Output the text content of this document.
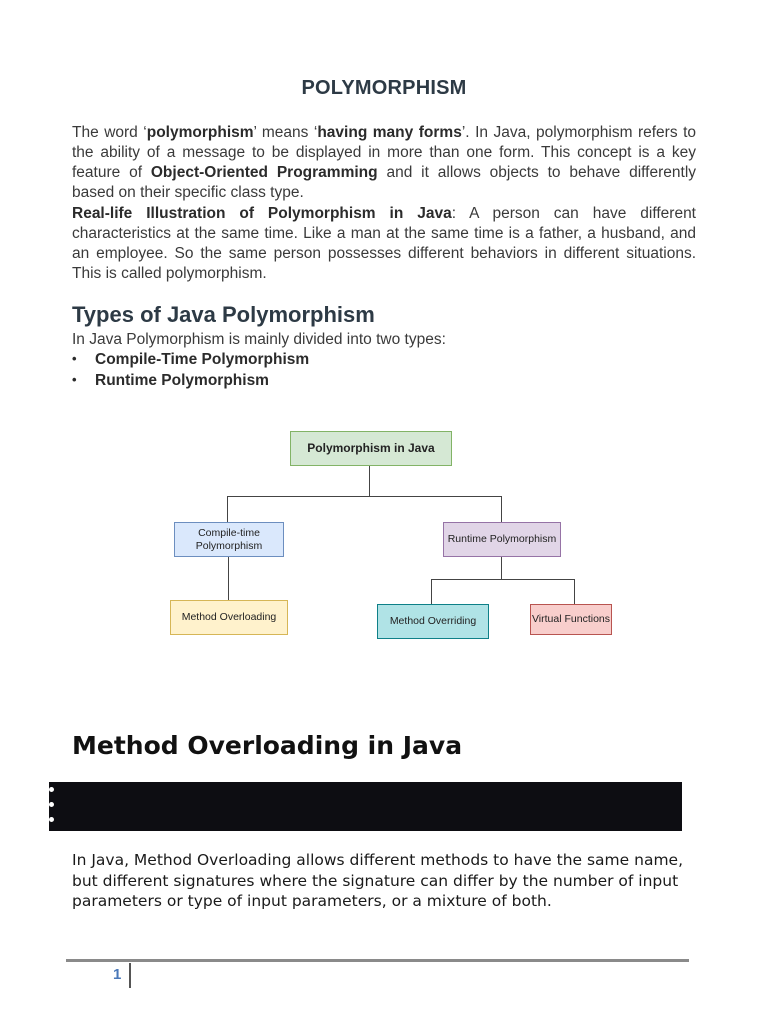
POLYMORPHISM
The word ‘polymorphism’ means ‘having many forms’. In Java, polymorphism refers to the ability of a message to be displayed in more than one form. This concept is a key feature of Object-Oriented Programming and it allows objects to behave differently based on their specific class type.
Real-life Illustration of Polymorphism in Java: A person can have different characteristics at the same time. Like a man at the same time is a father, a husband, and an employee. So the same person possesses different behaviors in different situations. This is called polymorphism.
Types of Java Polymorphism
In Java Polymorphism is mainly divided into two types:
• Compile-Time Polymorphism
• Runtime Polymorphism
Polymorphism in Java
Compile-time Polymorphism
Runtime Polymorphism
Method Overloading	Method Overriding	Virtual Functions
Method Overloading in Java
In Java, Method Overloading allows different methods to have the same name, but different signatures where the signature can differ by the number of input parameters or type of input parameters, or a mixture of both.
1
